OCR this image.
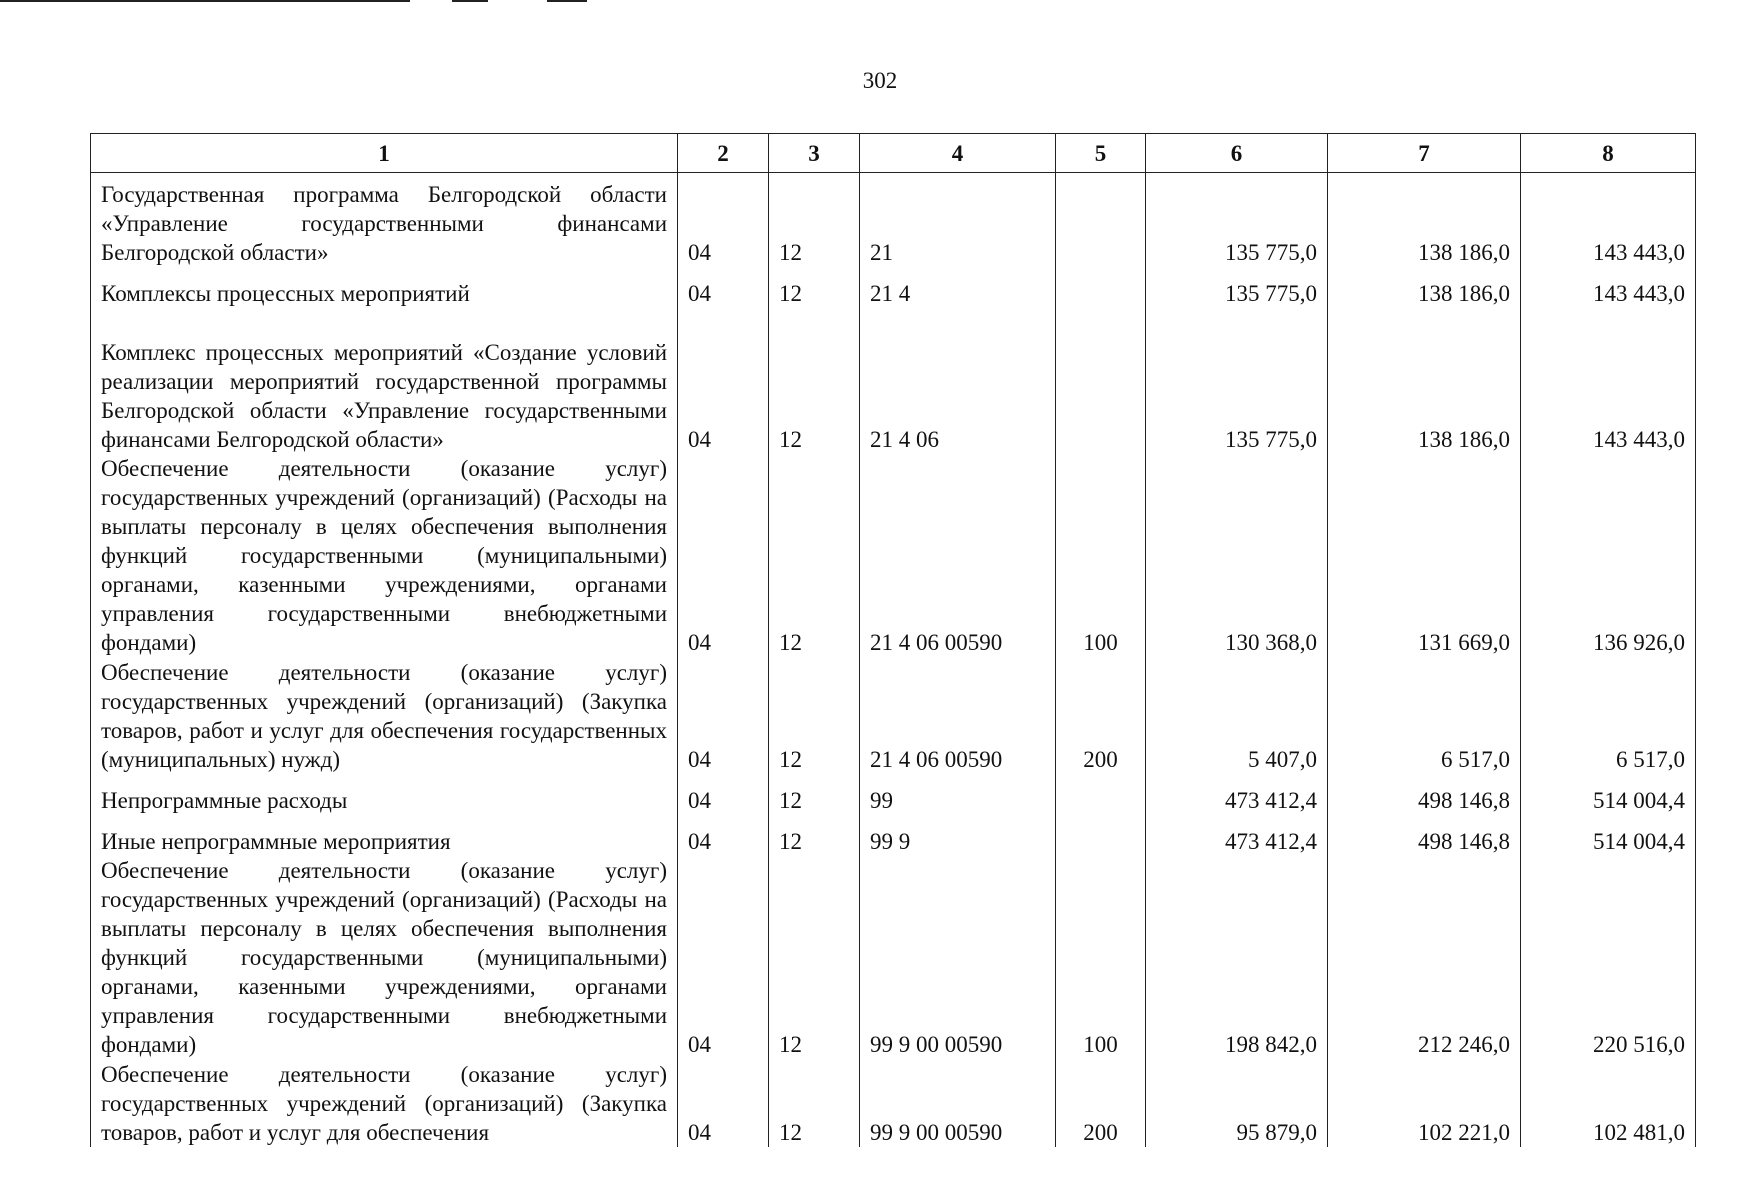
302
1	2	3	4	5	6	7	8
Государственная программа Белгородской области «Управление государственными финансами Белгородской области»	04	12	21		135 775,0	138 186,0	143 443,0
Комплексы процессных мероприятий	04	12	21 4		135 775,0	138 186,0	143 443,0
Комплекс процессных мероприятий «Создание условий реализации мероприятий государственной программы Белгородской области «Управление государственными финансами Белгородской области»	04	12	21 4 06		135 775,0	138 186,0	143 443,0
Обеспечение деятельности (оказание услуг) государственных учреждений (организаций) (Расходы на выплаты персоналу в целях обеспечения выполнения функций государственными (муниципальными) органами, казенными учреждениями, органами управления государственными внебюджетными фондами)	04	12	21 4 06 00590	100	130 368,0	131 669,0	136 926,0
Обеспечение деятельности (оказание услуг) государственных учреждений (организаций) (Закупка товаров, работ и услуг для обеспечения государственных (муниципальных) нужд)	04	12	21 4 06 00590	200	5 407,0	6 517,0	6 517,0
Непрограммные расходы	04	12	99		473 412,4	498 146,8	514 004,4
Иные непрограммные мероприятия	04	12	99 9		473 412,4	498 146,8	514 004,4
Обеспечение деятельности (оказание услуг) государственных учреждений (организаций) (Расходы на выплаты персоналу в целях обеспечения выполнения функций государственными (муниципальными) органами, казенными учреждениями, органами управления государственными внебюджетными фондами)	04	12	99 9 00 00590	100	198 842,0	212 246,0	220 516,0
Обеспечение деятельности (оказание услуг) государственных учреждений (организаций) (Закупка товаров, работ и услуг для обеспечения	04	12	99 9 00 00590	200	95 879,0	102 221,0	102 481,0
